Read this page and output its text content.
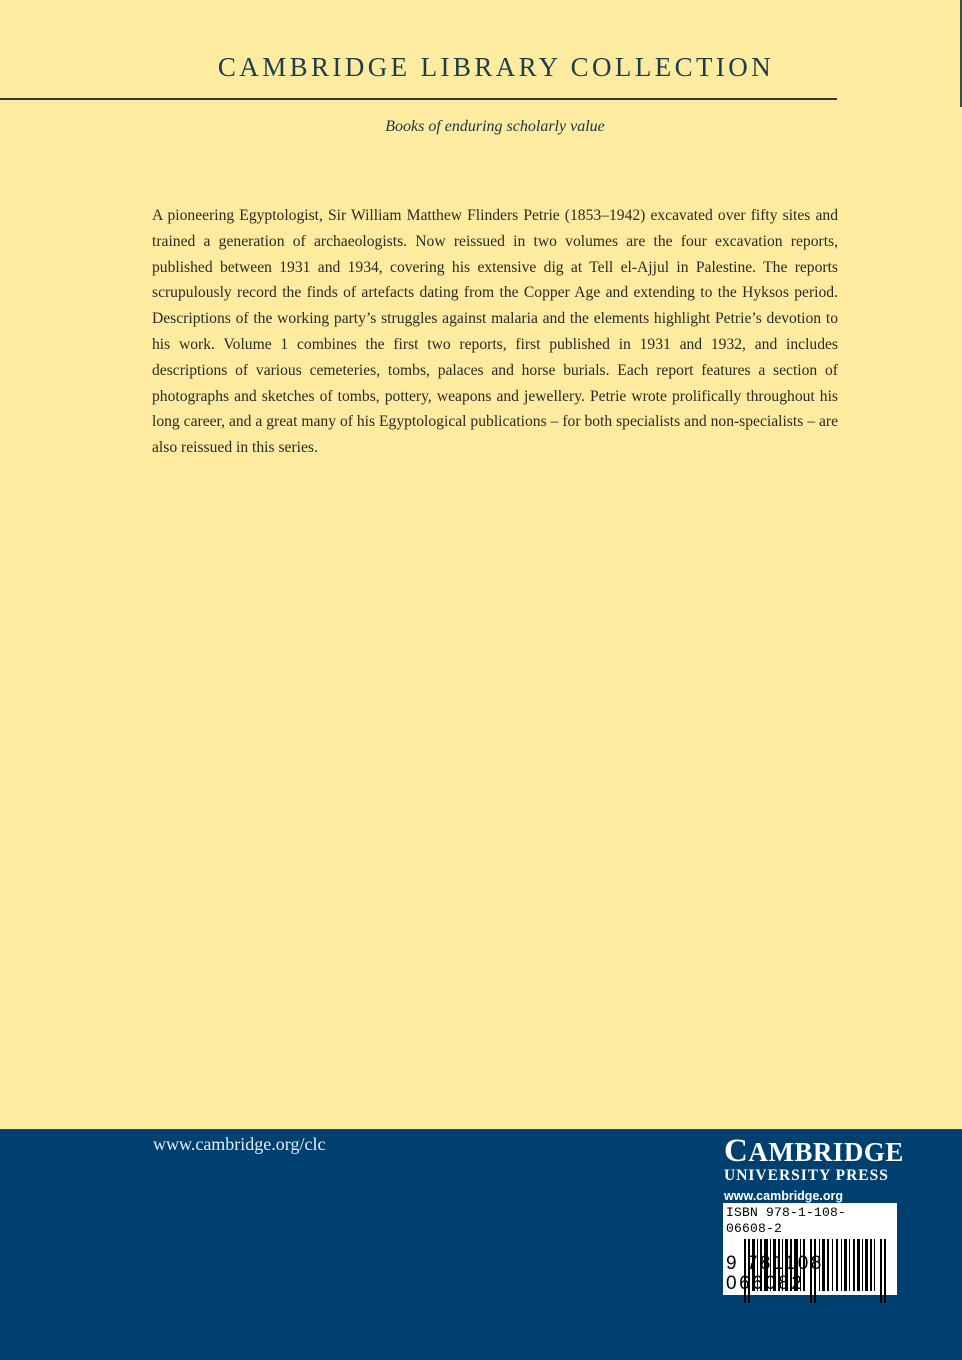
CAMBRIDGE LIBRARY COLLECTION
Books of enduring scholarly value

A pioneering Egyptologist, Sir William Matthew Flinders Petrie (1853–1942) excavated over fifty sites and trained a generation of archaeologists. Now reissued in two volumes are the four excavation reports, published between 1931 and 1934, covering his extensive dig at Tell el-Ajjul in Palestine. The reports scrupulously record the finds of artefacts dating from the Copper Age and extending to the Hyksos period. Descriptions of the working party’s struggles against malaria and the elements highlight Petrie’s devotion to his work. Volume 1 combines the first two reports, first published in 1931 and 1932, and includes descriptions of various cemeteries, tombs, palaces and horse burials. Each report features a section of photographs and sketches of tombs, pottery, weapons and jewellery. Petrie wrote prolifically throughout his long career, and a great many of his Egyptological publications – for both specialists and non-specialists – are also reissued in this series.

www.cambridge.org/clc	CAMBRIDGE
UNIVERSITY PRESS
www.cambridge.org
ISBN 978-1-108-06608-2
9 781108 066082
